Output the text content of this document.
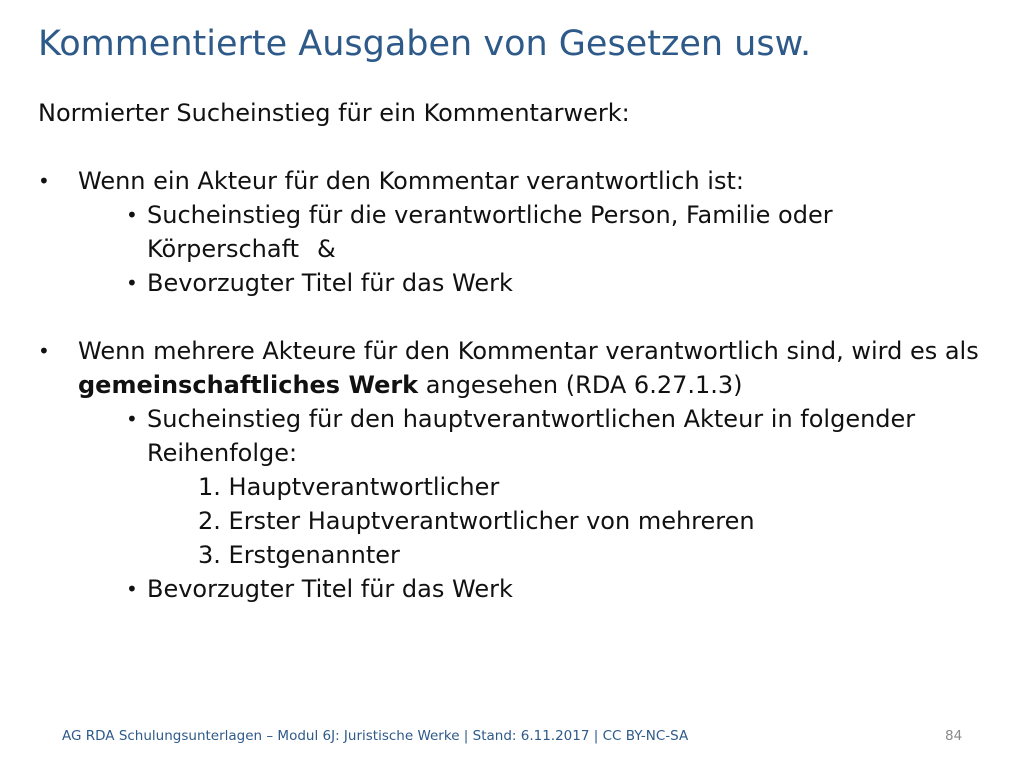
Kommentierte Ausgaben von Gesetzen usw.

Normierter Sucheinstieg für ein Kommentarwerk:

• Wenn ein Akteur für den Kommentar verantwortlich ist:

• Sucheinstieg für die verantwortliche Person, Familie oder Körperschaft &

• Bevorzugter Titel für das Werk

• Wenn mehrere Akteure für den Kommentar verantwortlich sind, wird es als gemeinschaftliches Werk angesehen (RDA 6.27.1.3)

• Sucheinstieg für den hauptverantwortlichen Akteur in folgender Reihenfolge:

1. Hauptverantwortlicher
2. Erster Hauptverantwortlicher von mehreren
3. Erstgenannter

• Bevorzugter Titel für das Werk

AG RDA Schulungsunterlagen – Modul 6J: Juristische Werke | Stand: 6.11.2017 | CC BY-NC-SA	84
